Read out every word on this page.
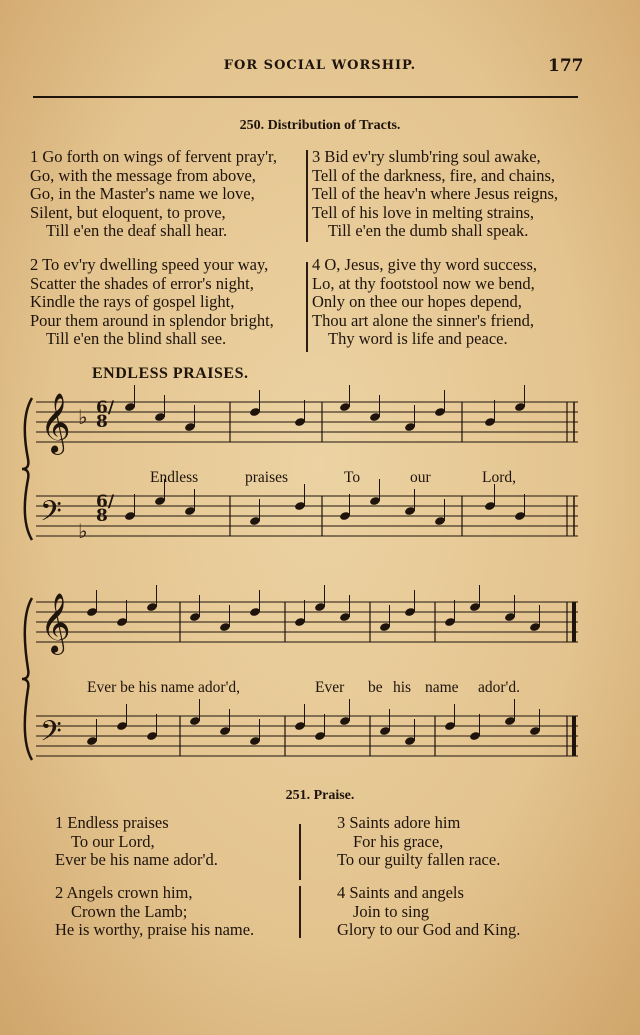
FOR SOCIAL WORSHIP.	177
250. Distribution of Tracts.
1 Go forth on wings of fervent pray'r,
Go, with the message from above,
Go, in the Master's name we love,
Silent, but eloquent, to prove,
Till e'en the deaf shall hear.
2 To ev'ry dwelling speed your way,
Scatter the shades of error's night,
Kindle the rays of gospel light,
Pour them around in splendor bright,
Till e'en the blind shall see.
3 Bid ev'ry slumb'ring soul awake,
Tell of the darkness, fire, and chains,
Tell of the heav'n where Jesus reigns,
Tell of his love in melting strains,
Till e'en the dumb shall speak.
4 O, Jesus, give thy word success,
Lo, at thy footstool now we bend,
Only on thee our hopes depend,
Thou art alone the sinner's friend,
Thy word is life and peace.
ENDLESS PRAISES.
𝄞
𝄢
𝄞
𝄢
♭
♭
6/8
6/8
Endless	praises	To	our	Lord,
Ever be his name ador'd,	Ever be his name ador'd.
251. Praise.
1 Endless praises
To our Lord,
Ever be his name ador'd.
2 Angels crown him,
Crown the Lamb;
He is worthy, praise his name.
3 Saints adore him
For his grace,
To our guilty fallen race.
4 Saints and angels
Join to sing
Glory to our God and King.
